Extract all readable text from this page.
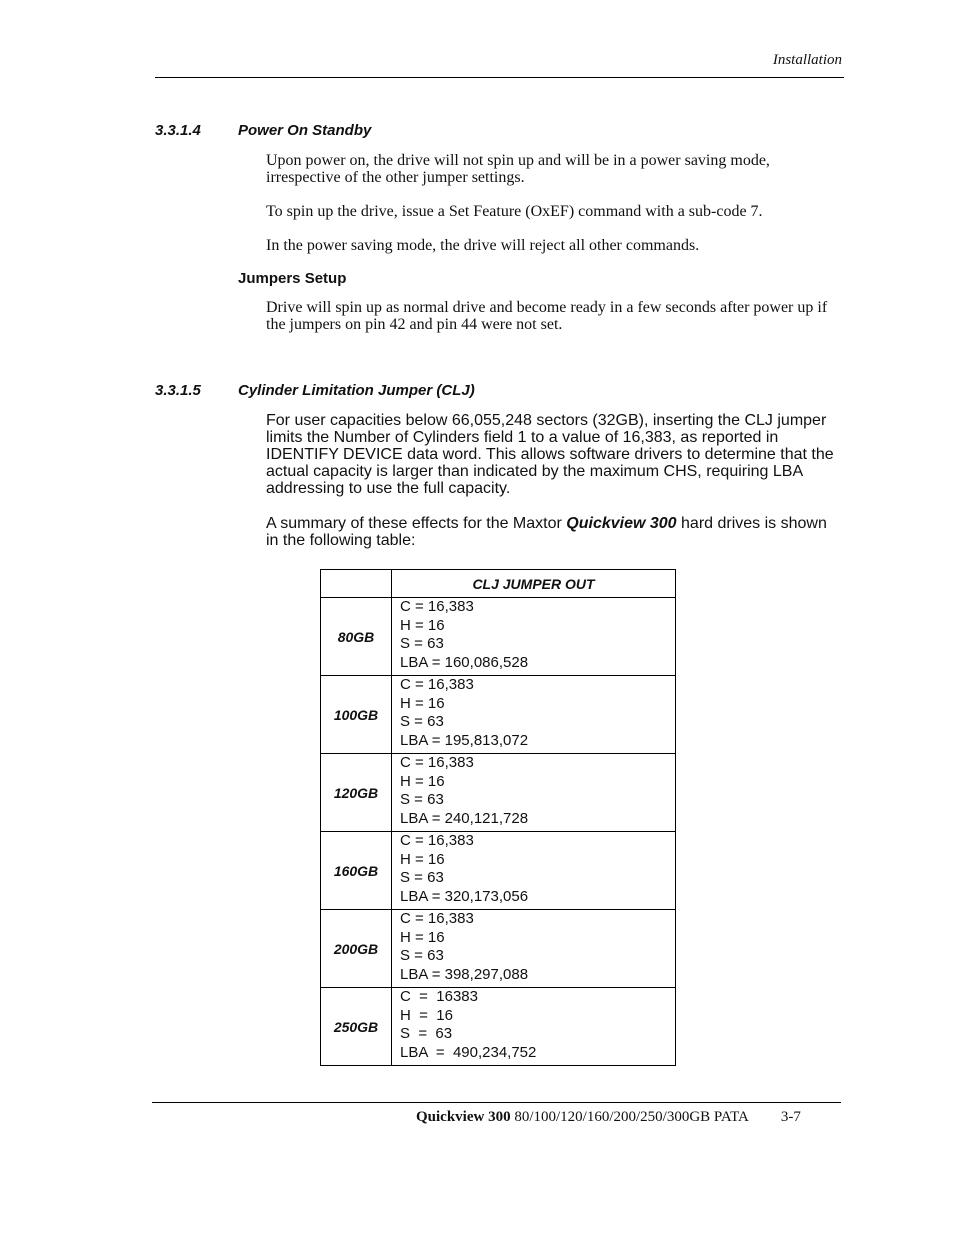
Installation
3.3.1.4 Power On Standby

Upon power on, the drive will not spin up and will be in a power saving mode, irrespective of the other jumper settings.

To spin up the drive, issue a Set Feature (OxEF) command with a sub-code 7.

In the power saving mode, the drive will reject all other commands.

Jumpers Setup

Drive will spin up as normal drive and become ready in a few seconds after power up if the jumpers on pin 42 and pin 44 were not set.

3.3.1.5 Cylinder Limitation Jumper (CLJ)

For user capacities below 66,055,248 sectors (32GB), inserting the CLJ jumper limits the Number of Cylinders field 1 to a value of 16,383, as reported in IDENTIFY DEVICE data word. This allows software drivers to determine that the actual capacity is larger than indicated by the maximum CHS, requiring LBA addressing to use the full capacity.

A summary of these effects for the Maxtor Quickview 300 hard drives is shown in the following table:

	CLJ JUMPER OUT
80GB	C = 16,383
H = 16
S = 63
LBA = 160,086,528

100GB	C = 16,383
H = 16
S = 63
LBA = 195,813,072

120GB	C = 16,383
H = 16
S = 63
LBA = 240,121,728

160GB	C = 16,383
H = 16
S = 63
LBA = 320,173,056

200GB	C = 16,383
H = 16
S = 63
LBA = 398,297,088

250GB	C  =  16383
H  =  16
S  =  63
LBA  =  490,234,752
Quickview 300 80/100/120/160/200/250/300GB PATA 3-7
